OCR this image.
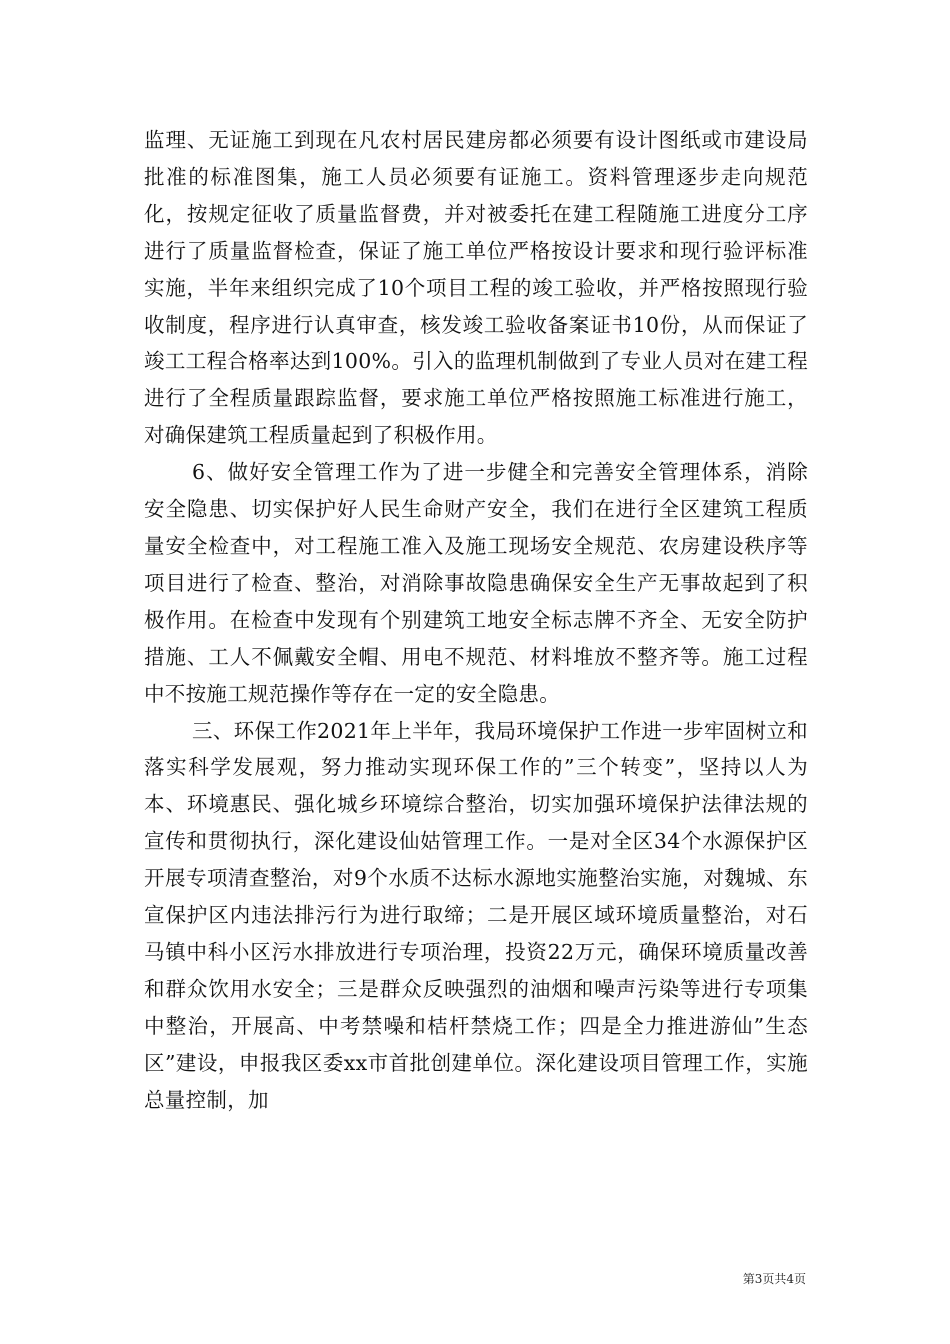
监理、无证施工到现在凡农村居民建房都必须要有设计图纸或市建设局批准的标准图集，施工人员必须要有证施工。资料管理逐步走向规范化，按规定征收了质量监督费，并对被委托在建工程随施工进度分工序进行了质量监督检查，保证了施工单位严格按设计要求和现行验评标准实施，半年来组织完成了10个项目工程的竣工验收，并严格按照现行验收制度，程序进行认真审查，核发竣工验收备案证书10份，从而保证了竣工工程合格率达到100%。引入的监理机制做到了专业人员对在建工程进行了全程质量跟踪监督，要求施工单位严格按照施工标准进行施工，对确保建筑工程质量起到了积极作用。

6、做好安全管理工作为了进一步健全和完善安全管理体系，消除安全隐患、切实保护好人民生命财产安全，我们在进行全区建筑工程质量安全检查中，对工程施工准入及施工现场安全规范、农房建设秩序等项目进行了检查、整治，对消除事故隐患确保安全生产无事故起到了积极作用。在检查中发现有个别建筑工地安全标志牌不齐全、无安全防护措施、工人不佩戴安全帽、用电不规范、材料堆放不整齐等。施工过程中不按施工规范操作等存在一定的安全隐患。

三、环保工作2021年上半年，我局环境保护工作进一步牢固树立和落实科学发展观，努力推动实现环保工作的”三个转变”，坚持以人为本、环境惠民、强化城乡环境综合整治，切实加强环境保护法律法规的宣传和贯彻执行，深化建设仙姑管理工作。一是对全区34个水源保护区开展专项清查整治，对9个水质不达标水源地实施整治实施，对魏城、东宣保护区内违法排污行为进行取缔；二是开展区域环境质量整治，对石马镇中科小区污水排放进行专项治理，投资22万元，确保环境质量改善和群众饮用水安全；三是群众反映强烈的油烟和噪声污染等进行专项集中整治，开展高、中考禁噪和桔杆禁烧工作；四是全力推进游仙”生态区”建设，申报我区委xx市首批创建单位。深化建设项目管理工作，实施总量控制，加

第3页共4页
